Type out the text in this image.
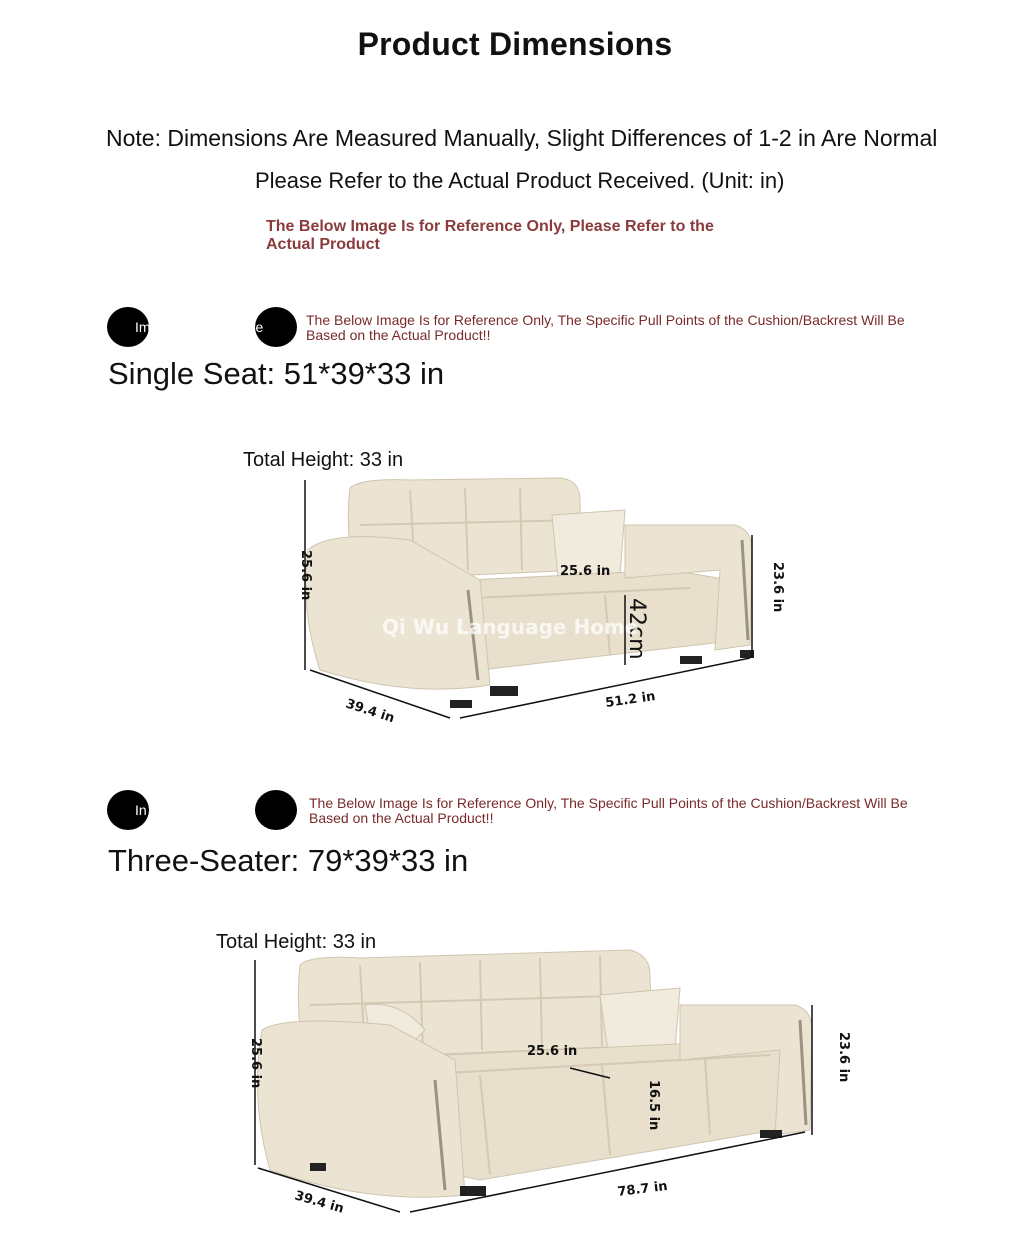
Product Dimensions
Note: Dimensions Are Measured Manually, Slight Differences of 1-2 in Are Normal
Please Refer to the Actual Product Received. (Unit: in)
The Below Image Is for Reference Only, Please Refer to the Actual Product
Im	ure	The Below Image Is for Reference Only, The Specific Pull Points of the Cushion/Backrest Will Be Based on the Actual Product!!
Single Seat: 51*39*33 in
Total Height: 33 in
25.6 in	25.6 in	23.6 in
39.4 in	51.2 in
42cm
Qi Wu Language Home
In	re	The Below Image Is for Reference Only, The Specific Pull Points of the Cushion/Backrest Will Be Based on the Actual Product!!
Three-Seater: 79*39*33 in
Total Height: 33 in
25.6 in	25.6 in	23.6 in
39.4 in	78.7 in
16.5 in
